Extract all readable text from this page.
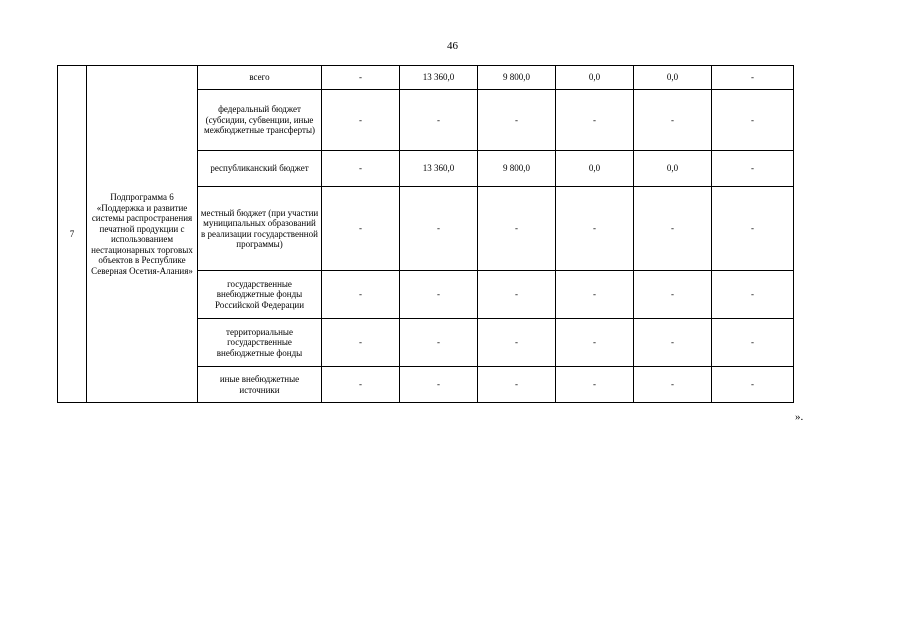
46
7	Подпрограмма 6 «Поддержка и развитие системы распространения печатной продукции с использованием нестационарных торговых объектов в Республике Северная Осетия-Алания»	всего	-	13 360,0	9 800,0	0,0	0,0	-
		федеральный бюджет (субсидии, субвенции, иные межбюджетные трансферты)	-	-	-	-	-	-
		республиканский бюджет	-	13 360,0	9 800,0	0,0	0,0	-
		местный бюджет (при участии муниципальных образований в реализации государственной программы)	-	-	-	-	-	-
		государственные внебюджетные фонды Российской Федерации	-	-	-	-	-	-
		территориальные государственные внебюджетные фонды	-	-	-	-	-	-
		иные внебюджетные источники	-	-	-	-	-	-
».
